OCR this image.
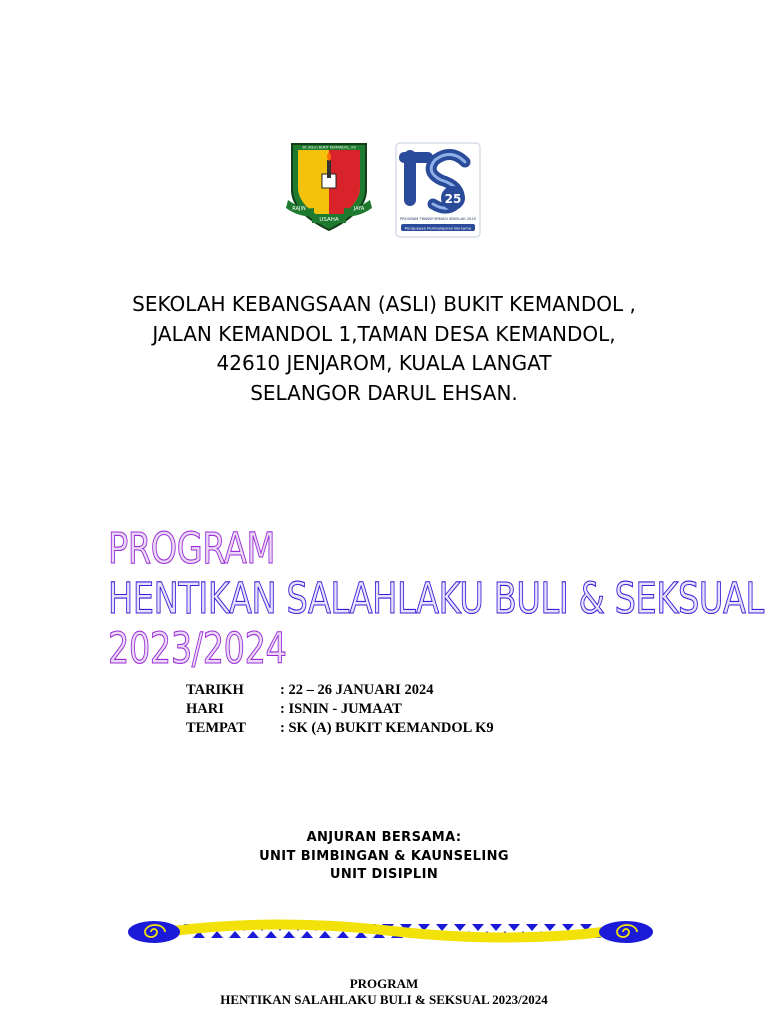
SK (ASLI) BUKIT KEMANDOL, K9
RAJIN	JAYA
USAHA
25
PROGRAM TRANSFORMASI SEKOLAH 2025
Pengupaya Pembelajaran Bersama
SEKOLAH KEBANGSAAN (ASLI) BUKIT KEMANDOL ,
JALAN KEMANDOL 1,TAMAN DESA KEMANDOL,
42610 JENJAROM, KUALA LANGAT
SELANGOR DARUL EHSAN.
PROGRAM
HENTIKAN SALAHLAKU BULI & SEKSUAL
2023/2024
TARIKH	: 22 – 26 JANUARI 2024
HARI	: ISNIN - JUMAAT
TEMPAT	: SK (A) BUKIT KEMANDOL K9
ANJURAN BERSAMA:
UNIT BIMBINGAN & KAUNSELING
UNIT DISIPLIN
PROGRAM
HENTIKAN SALAHLAKU BULI & SEKSUAL 2023/2024
